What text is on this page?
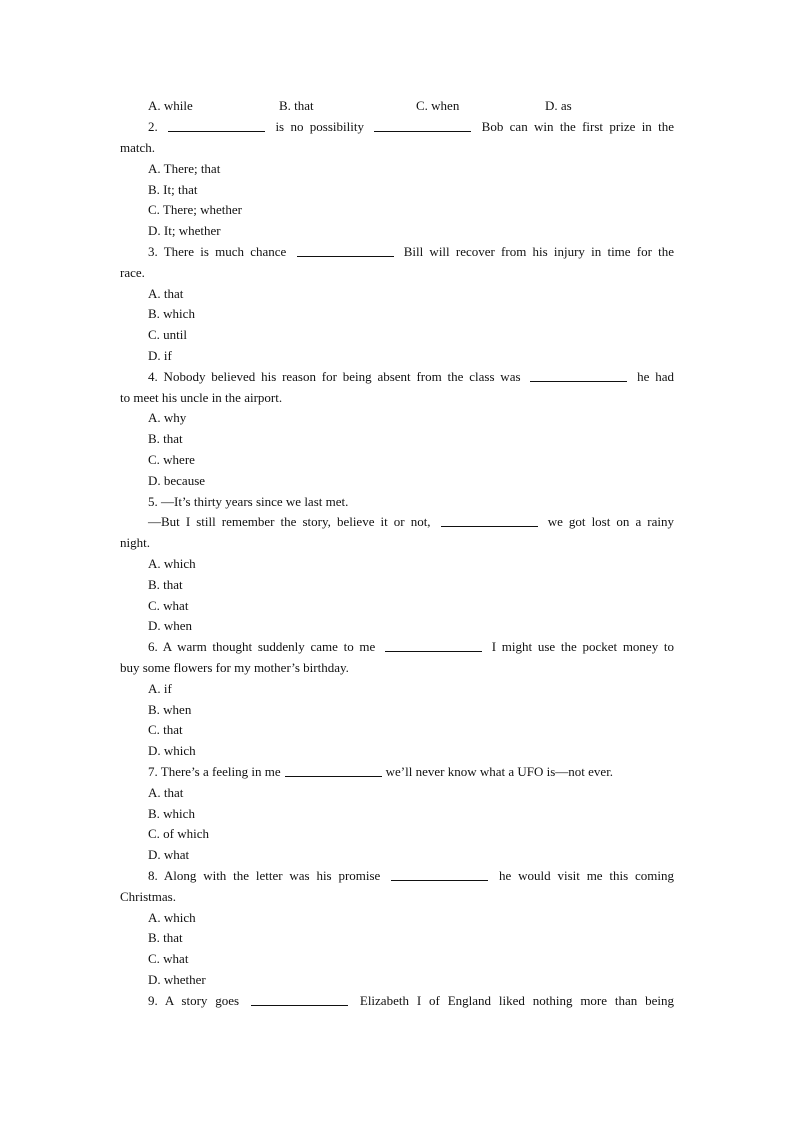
A. while	B. that	C. when	D. as
2.	is no possibility	Bob can win the first prize in the
match.
A. There; that
B. It; that
C. There; whether
D. It; whether
3. There is much chance	Bill will recover from his injury in time for the
race.
A. that
B. which
C. until
D. if
4. Nobody believed his reason for being absent from the class was	he had
to meet his uncle in the airport.
A. why
B. that
C. where
D. because
5. —It’s thirty years since we last met.
—But I still remember the story, believe it or not,	we got lost on a rainy
night.
A. which
B. that
C. what
D. when
6. A warm thought suddenly came to me	I might use the pocket money to
buy some flowers for my mother’s birthday.
A. if
B. when
C. that
D. which
7. There’s a feeling in me	we’ll never know what a UFO is—not ever.
A. that
B. which
C. of which
D. what
8. Along with the letter was his promise	he would visit me this coming
Christmas.
A. which
B. that
C. what
D. whether
9. A story goes	Elizabeth I of England liked nothing more than being
